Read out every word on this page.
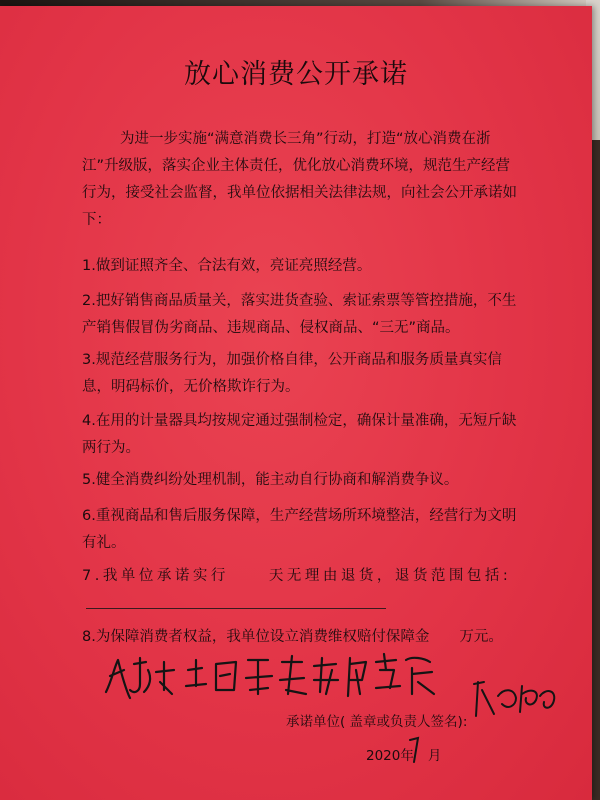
放心消费公开承诺
为进一步实施“满意消费长三角”行动，打造“放心消费在浙江”升级版，落实企业主体责任，优化放心消费环境，规范生产经营行为，接受社会监督，我单位依据相关法律法规，向社会公开承诺如下：
1.做到证照齐全、合法有效，亮证亮照经营。
2.把好销售商品质量关，落实进货查验、索证索票等管控措施，不生产销售假冒伪劣商品、违规商品、侵权商品、“三无”商品。
3.规范经营服务行为，加强价格自律，公开商品和服务质量真实信息，明码标价，无价格欺诈行为。
4.在用的计量器具均按规定通过强制检定，确保计量准确，无短斤缺两行为。
5.健全消费纠纷处理机制，能主动自行协商和解消费争议。
6.重视商品和售后服务保障，生产经营场所环境整洁，经营行为文明有礼。
7.我单位承诺实行	天无理由退货，退货范围包括:
8.为保障消费者权益，我单位设立消费维权赔付保障金 万元。
承诺单位( 盖章或负责人签名):
2020年 月
